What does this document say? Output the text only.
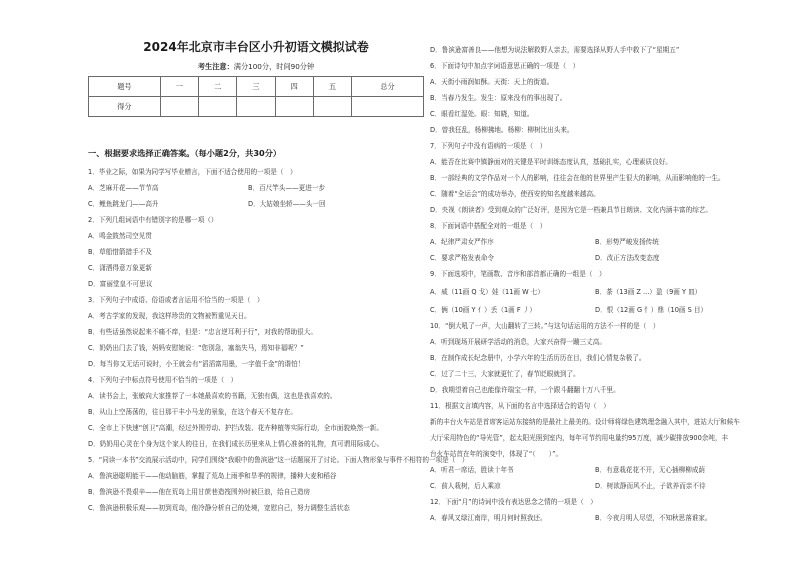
2024年北京市丰台区小升初语文模拟试卷
考生注意：满分100分，时间90分钟
题号	一	二	三	四	五	总分
得分						
一、根据要求选择正确答案。（每小题2分，共30分）
1．毕业之际，如果为同学写毕业赠言，下面不适合使用的一项是（　）
A．芝麻开花——节节高	B．百尺竿头——更进一步
C．鲤鱼跳龙门——高升	D．大姑娘坐轿——头一回
2．下列几组词语中有错别字的是哪一项（）
A．鸣金鼓然司空见贯
B．草船惜箭措手不及
C．潇洒得意万象更新
D．富丽堂皇不可思议
3．下列句子中成语、俗语或者言运用不恰当的一项是（　）
A．考古学家的发现，我这样珍贵的文物被暂重见天日。
B．有些话虽然说起来不痛不痒，但是：“忠言逆耳利于行”，对我的帮助很大。
C．奶奶出门去了钱，妈妈安慰她说：“您别急，塞翁失马，焉知非福呢？”
D．每当你又无话可说时，小王就会有“滔滔富用墨，一字值千金”的谐怕！
4．下列句子中标点符号使用不恰当的一项是（　）
A．读书会上，张敏向大家推荐了一本她最喜欢的书籍，无独有偶，这也是我喜欢的。
B．从山上空荡荡的，往日那干丰小马龙的景象，在这个春天不复存在。
C．全市上下快速“创卫”高潮，经过外围劳动、护拦改装、花卉种植等实际行动，全市面貌焕然一新。
D．奶奶用心灵在个身为这个家人的往日，在我们成长历里来从上情心准备的礼物，真可谓用际成心。
5．“同读一本书”交流展示活动中，同学们围绕“我眼中的鲁滨逊”这一话题展开了讨论。下面人物形象与事件不相符的一项是（　）
A．鲁滨逊聪明能干——他动脑筋，掌握了荒岛上雨季和旱季的规律，播种大麦和稻谷
B．鲁滨逊不畏艰辛——他在荒岛上用甘蔗巷造筏围外时被巨浪，给自己造房
C．鲁滨逊积极乐观——初到荒岛，他冷静分析自己的处境，宽慰自己，努力调整生活状态
D．鲁滨逊富善良——他想为说法解救野人亲去，需要选择从野人手中救下了“星期五”
6．下面诗句中加点字词语意思正确的一项是（　）
A．天街小雨润如酥。天街：天上的街道。
B．当春乃发生。发生：原来没有的事出现了。
C．眼看红湿处。眼：知晓，知道。
D．曾我狂乱，杨柳拂地。杨柳：柳树比出头来。
7．下列句子中没有语病的一项是（　）
A．能否在比赛中镇静面对的关键是平时训练态度认真，基础扎实，心理素质良好。
B．一部经典的文学作品对一个人的影响，往往会在他的世界里产生很大的影响，从而影响他的一生。
C．随着“全运会”的成功举办，使西安的知名度越来越高。
D．央视《朗读者》受到观众的广泛好评，是因为它是一档兼具节目朗读、文化内涵丰富的综艺。
8．下面词语中搭配全对的一组是（　）
A．纪律严肃女严作序	B．形势严峻发扬传统
C．要求严格发表命令	D．改正方法改变态度
9．下面选项中，笔画数、音序和部首都正确的一组是（　）
A．威（11画 Q 戈）娃（11画 W 七）	B．茶（13画 Z ...）盈（9画 Y 皿）
C．俩（10画 Y 亻）丢（1画 F 丿）	D．恨（12画 G 忄）鼎（10画 S 目）
10．“倒大吼了一声，大山翻转了三转。”与这句话运用的方法不一样的是（　）
A．听到现场开展研学活动的消息，大家兴奋得一蹦三丈高。
B．在制作成长纪念册中，小学六年的生活历历在目，我们心情复杂极了。
C．过了二十三，大家就更忙了，春节眨眼就到了。
D．我期望着自己也能像许瑞宝一样，一个跟斗翻翻十万八千里。
11．根据文言填内容，从下面的名言中选择适合的语句（　）
新的丰台火车站是首席客运站东接纳的是最社上最美的。设计师将绿色建筑理念融入其中，进站大厅和候车
大厅采用特色的“导光管”，起太阳光照到室内，每年可节约用电量约95万度，减少碳排放900余吨，丰
台火车站首在年的演变中，体现了“（　　）”。
A．听君一席话，胜读十年书	B．有意栽花花不开，无心插柳柳成荫
C．前人栽树，后人乘凉	D．树欲静而风不止，子欲养而亲不待
12．下面“月”的诗词中没有表达思念之情的一项是（　）
A．春风又绿江南岸，明月何时照我还。	B．今夜月明人尽望，不知秋思落谁家。
